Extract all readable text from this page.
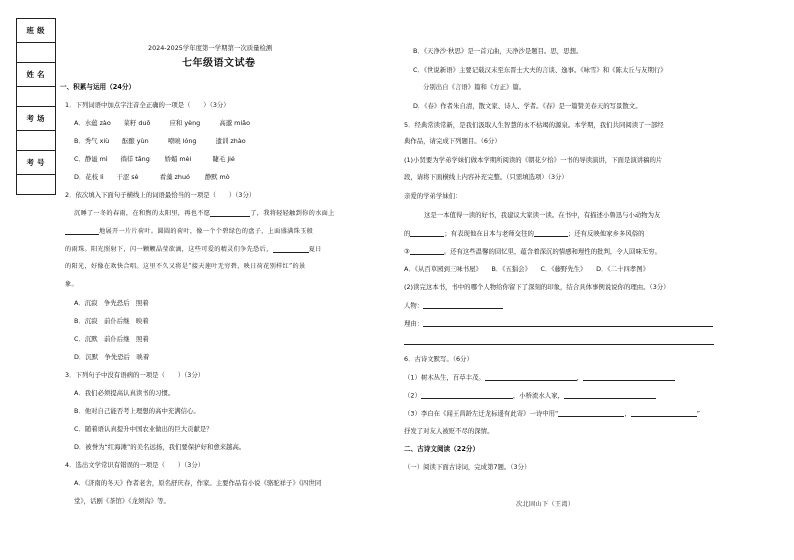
班级

姓名

考场

考号

2024-2025学年度第一学期第一次质量检测
七年级语文试卷
一、积累与运用（24分）
1．下列词语中加点字注音全正确的一项是（　　）（3分）
A．水蕴 zào　　菜籽 duō　　　应和 yèng　　　高邈 miǎo
B．秀气 xiù　　酝酿 yùn　　　嘹喨 lóng　　　遗训 zhào
C．静谧 mì　　徜徉 tǎng　　 娇媚 mèi　　　 睫毛 jié
D．花枝 lì　　干涩 sè　　　 看藻 zhuó　　 静默 mò
2．依次填入下面句子横线上的词语最恰当的一项是（　　）（3分）
沉睡了一冬的春雨，在和煦的太阳里，再也不愿	了，我将轻轻触到你的水面上
地展开一片片荷叶。圆圆的荷叶，像一个个碧绿色的盘子，上面盛满珠玉般
的雨珠。阳光照射下，闪一颗颗晶莹欲滴，这些可爱的精灵们争先恐后，	夏日
的阳光，好像在欢快合唱。这里不久又将是“接天莲叶无穷碧，映日荷花别样红”的景
象。
A．沉寂　争先恐后　照着
B．沉寂　前仆后继　映着
C．沉默　前仆后继　照着
D．沉默　争先恐后　映着
3．下列句子中没有语病的一项是（　　）（3分）
A．我们必须提高认真读书的习惯。
B．他对自己能否考上理想的高中充满信心。
C．随着语认真提升中国农业做出的巨大贡献是？
D．被誉为“红海滩”的美名远扬，我们要保护好和愈来越高。
4．选出文学常识有错误的一项是（　　）（3分）
A．《济南的冬天》作者老舍，原名舒庆春，作家。主要作品有小说《骆驼祥子》《四世同
堂》，话剧《茶馆》《龙须沟》等。
B．《天净沙·秋思》是一首元曲，天净沙是题目。思，思想。
C．《世说新语》主要记载汉末至东晋士大夫的言谈、逸事。《咏雪》和《陈太丘与友期行》
分别出自《言语》篇和《方正》篇。
D．《春》作者朱自清，散文家、诗人、学者。《春》是一篇赞美春天的写景散文。
5．经典常读常新，是我们汲取人生智慧的永不枯竭的源泉。本学期，我们共同阅读了一部经
典作品，请完成下列题目。（6分）
(1)小贤要为学弟学妹们做本学期所阅读的《朝花夕拾》一书的导读演讲，下面是演讲稿的片
段，请将下面横线上内容补充完整。（只需填选项）（3分）
亲爱的学弟学妹们：
这是一本值得一读的好书，我建议大家读一读。在书中，有描述小鲁迅与小动物为友
的	；有表现他在日本与老师交往的	；还有反映他家乡多风俗的
③	。还有这些温馨的回忆里，蕴含着深沉的情感和理性的批判，令人回味无穷。
A．《从百草园到三味书屋》　　B．《五猖会》　　C．《藤野先生》　　D．《二十四孝图》
(2)读完这本书，书中的哪个人物给你留下了深刻的印象，结合具体事例说说你的理由。（3分）
人物：
理由：
6．古诗文默写。（6分）
（1）树木丛生，百草丰茂。	，
（2）	，小桥流水人家，
（3）李白在《闻王昌龄左迁龙标遥有此寄》一诗中用“	，	”
抒发了对友人被贬不尽的深情。
二、古诗文阅读（22分）
（一）阅读下面古诗词，完成第7题。（3分）
次北固山下（王湾）
